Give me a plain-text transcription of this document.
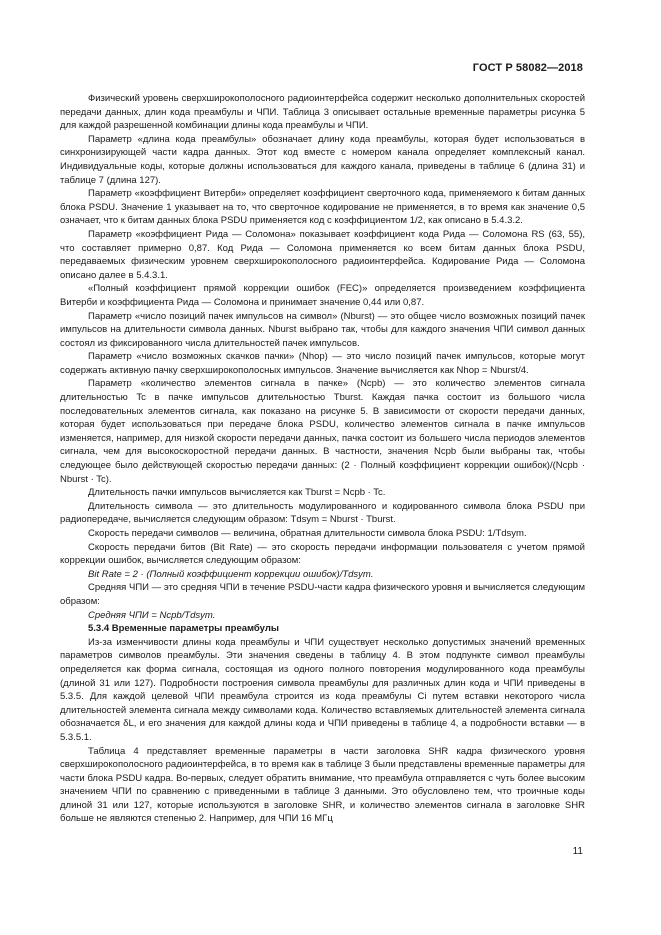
ГОСТ Р 58082—2018

Физический уровень сверхширокополосного радиоинтерфейса содержит несколько дополнительных скоростей передачи данных, длин кода преамбулы и ЧПИ. Таблица 3 описывает остальные временные параметры рисунка 5 для каждой разрешенной комбинации длины кода преамбулы и ЧПИ.

Параметр «длина кода преамбулы» обозначает длину кода преамбулы, которая будет использоваться в синхронизирующей части кадра данных. Этот код вместе с номером канала определяет комплексный канал. Индивидуальные коды, которые должны использоваться для каждого канала, приведены в таблице 6 (длина 31) и таблице 7 (длина 127).

Параметр «коэффициент Витерби» определяет коэффициент сверточного кода, применяемого к битам данных блока PSDU. Значение 1 указывает на то, что сверточное кодирование не применяется, в то время как значение 0,5 означает, что к битам данных блока PSDU применяется код с коэффициентом 1/2, как описано в 5.4.3.2.

Параметр «коэффициент Рида — Соломона» показывает коэффициент кода Рида — Соломона RS (63, 55), что составляет примерно 0,87. Код Рида — Соломона применяется ко всем битам данных блока PSDU, передаваемых физическим уровнем сверхширокополосного радиоинтерфейса. Кодирование Рида — Соломона описано далее в 5.4.3.1.

«Полный коэффициент прямой коррекции ошибок (FEC)» определяется произведением коэффициента Витерби и коэффициента Рида — Соломона и принимает значение 0,44 или 0,87.

Параметр «число позиций пачек импульсов на символ» (Nburst) — это общее число возможных позиций пачек импульсов на длительности символа данных. Nburst выбрано так, чтобы для каждого значения ЧПИ символ данных состоял из фиксированного числа длительностей пачек импульсов.

Параметр «число возможных скачков пачки» (Nhop) — это число позиций пачек импульсов, которые могут содержать активную пачку сверхширокополосных импульсов. Значение вычисляется как Nhop = Nburst/4.

Параметр «количество элементов сигнала в пачке» (Ncpb) — это количество элементов сигнала длительностью Tc в пачке импульсов длительностью Tburst. Каждая пачка состоит из большого числа последовательных элементов сигнала, как показано на рисунке 5. В зависимости от скорости передачи данных, которая будет использоваться при передаче блока PSDU, количество элементов сигнала в пачке импульсов изменяется, например, для низкой скорости передачи данных, пачка состоит из большего числа периодов элементов сигнала, чем для высокоскоростной передачи данных. В частности, значения Ncpb были выбраны так, чтобы следующее было действующей скоростью передачи данных: (2 · Полный коэффициент коррекции ошибок)/(Ncpb · Nburst · Tc).

Длительность пачки импульсов вычисляется как Tburst = Ncpb · Tc.

Длительность символа — это длительность модулированного и кодированного символа блока PSDU при радиопередаче, вычисляется следующим образом: Tdsym = Nburst · Tburst.

Скорость передачи символов — величина, обратная длительности символа блока PSDU: 1/Tdsym.

Скорость передачи битов (Bit Rate) — это скорость передачи информации пользователя с учетом прямой коррекции ошибок, вычисляется следующим образом:

Bit Rate = 2 · (Полный коэффициент коррекции ошибок)/Tdsym.

Средняя ЧПИ — это средняя ЧПИ в течение PSDU-части кадра физического уровня и вычисляется следующим образом:

Средняя ЧПИ = Ncpb/Tdsym.

5.3.4 Временные параметры преамбулы

Из-за изменчивости длины кода преамбулы и ЧПИ существует несколько допустимых значений временных параметров символов преамбулы. Эти значения сведены в таблицу 4. В этом подпункте символ преамбулы определяется как форма сигнала, состоящая из одного полного повторения модулированного кода преамбулы (длиной 31 или 127). Подробности построения символа преамбулы для различных длин кода и ЧПИ приведены в 5.3.5. Для каждой целевой ЧПИ преамбула строится из кода преамбулы Ci путем вставки некоторого числа длительностей элемента сигнала между символами кода. Количество вставляемых длительностей элемента сигнала обозначается δL, и его значения для каждой длины кода и ЧПИ приведены в таблице 4, а подробности вставки — в 5.3.5.1.

Таблица 4 представляет временные параметры в части заголовка SHR кадра физического уровня сверхширокополосного радиоинтерфейса, в то время как в таблице 3 были представлены временные параметры для части блока PSDU кадра. Во-первых, следует обратить внимание, что преамбула отправляется с чуть более высоким значением ЧПИ по сравнению с приведенными в таблице 3 данными. Это обусловлено тем, что троичные коды длиной 31 или 127, которые используются в заголовке SHR, и количество элементов сигнала в заголовке SHR больше не являются степенью 2. Например, для ЧПИ 16 МГц

11
